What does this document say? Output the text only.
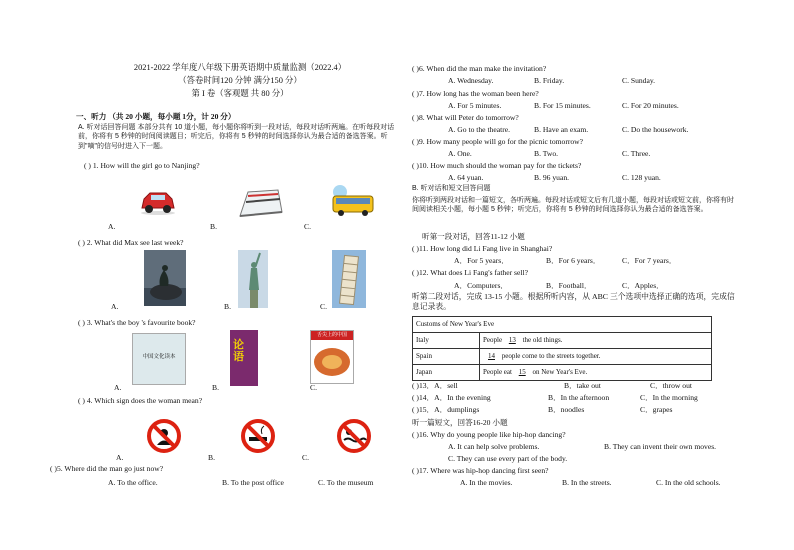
2021-2022 学年度八年级下册英语期中质量监测（2022.4）
（答卷时间120 分钟 满分150 分）
第 I 卷（客观题 共 80 分）
一、听力 （共 20 小题，每小题 1分，计 20 分）
A. 听对话回答问题 本部分共有 10 道小题，每小题你将听到一段对话，每段对话听两遍。在听每段对话前，你将有 5 秒钟的时间阅读题目；听完后，你将有 5 秒钟的时间选择你认为最合适的备选答案。听到"嘀"的信号时进入下一题。
( ) 1. How will the girl go to Nanjing?
A.	B.	C.
( ) 2. What did Max see last week?
A.	B.	C.
( ) 3. What's the boy 's favourite book?
中国文化读本
论语
舌尖上的中国
A.	B.	C.
( ) 4. Which sign does the woman mean?
A.	B.	C.
( )5. Where did the man go just now?
A. To the office.	B. To the post office	C. To the museum
( )6. When did the man make the invitation?
A. Wednesday.	B. Friday.	C. Sunday.
( )7. How long has the woman been here?
A. For 5 minutes.	B. For 15 minutes.	C. For 20 minutes.
( )8. What will Peter do tomorrow?
A. Go to the theatre.	B. Have an exam.	C. Do the housework.
( )9. How many people will go for the picnic tomorrow?
A. One.	B. Two.	C. Three.
( )10. How much should the woman pay for the tickets?
A. 64 yuan.	B. 96 yuan.	C. 128 yuan.
B. 听对话和短文回答问题
你将听到两段对话和一篇短文，各听两遍。每段对话或短文后有几道小题，每段对话或短文前，你将有时间阅读相关小题，每小题 5 秒钟；听完后，你将有 5 秒钟的时间选择你认为最合适的备选答案。
听第一段对话，回答11-12 小题
( )11. How long did Li Fang live in Shanghai?
A．For 5 years．	B．For 6 years．	C．For 7 years．
( )12. What does Li Fang's father sell?
A．Computers．	B．Football．	C．Apples．
听第二段对话，完成 13-15 小题。根据所听内容，从 ABC 三个选项中选择正确的选项，完成信息记录表。
Customs of New Year's Eve	
Italy	People 13 the old things.
Spain	14 people come to the streets together.
Japan	People eat 15 on New Year's Eve.
( )13．A．sell	B．take out	C．throw out
( )14．A．In the evening	B．In the afternoon	C．In the morning
( )15．A．dumplings	B．noodles	C．grapes
听一篇短文，回答16-20 小题
( )16. Why do young people like hip-hop dancing?
A. It can help solve problems.	B. They can invent their own moves.
C. They can use every part of the body.
( )17. Where was hip-hop dancing first seen?
A. In the movies.	B. In the streets.	C. In the old schools.
